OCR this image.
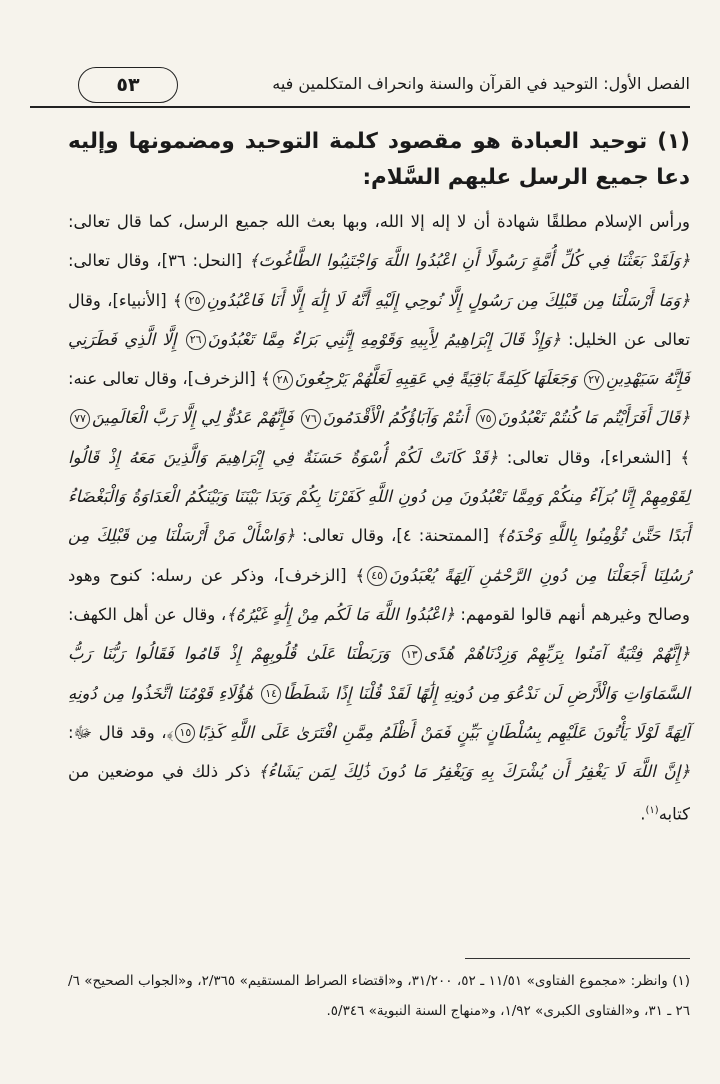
الفصل الأول: التوحيد في القرآن والسنة وانحراف المتكلمين فيه
٥٣
(١) توحيد العبادة هو مقصود كلمة التوحيد ومضمونها وإليه دعا جميع الرسل عليهم السَّلام:

ورأس الإسلام مطلقًا شهادة أن لا إله إلا الله، وبها بعث الله جميع الرسل، كما قال تعالى: ﴿وَلَقَدْ بَعَثْنَا فِي كُلِّ أُمَّةٍ رَسُولًا أَنِ اعْبُدُوا اللَّهَ وَاجْتَنِبُوا الطَّاغُوتَ﴾ [النحل: ٣٦]، وقال تعالى: ﴿وَمَا أَرْسَلْنَا مِن قَبْلِكَ مِن رَسُولٍ إِلَّا نُوحِي إِلَيْهِ أَنَّهُ لَا إِلَٰهَ إِلَّا أَنَا فَاعْبُدُونِ٢٥﴾ [الأنبياء]، وقال تعالى عن الخليل: ﴿وَإِذْ قَالَ إِبْرَاهِيمُ لِأَبِيهِ وَقَوْمِهِ إِنَّنِي بَرَاءٌ مِمَّا تَعْبُدُونَ٢٦ إِلَّا الَّذِي فَطَرَنِي فَإِنَّهُ سَيَهْدِينِ٢٧ وَجَعَلَهَا كَلِمَةً بَاقِيَةً فِي عَقِبِهِ لَعَلَّهُمْ يَرْجِعُونَ٢٨﴾ [الزخرف]، وقال تعالى عنه: ﴿قَالَ أَفَرَأَيْتُم مَا كُنتُمْ تَعْبُدُونَ٧٥ أَنتُمْ وَآبَاؤُكُمُ الْأَقْدَمُونَ٧٦ فَإِنَّهُمْ عَدُوٌّ لِي إِلَّا رَبَّ الْعَالَمِينَ٧٧﴾ [الشعراء]، وقال تعالى: ﴿قَدْ كَانَتْ لَكُمْ أُسْوَةٌ حَسَنَةٌ فِي إِبْرَاهِيمَ وَالَّذِينَ مَعَهُ إِذْ قَالُوا لِقَوْمِهِمْ إِنَّا بُرَآءُ مِنكُمْ وَمِمَّا تَعْبُدُونَ مِن دُونِ اللَّهِ كَفَرْنَا بِكُمْ وَبَدَا بَيْنَنَا وَبَيْنَكُمُ الْعَدَاوَةُ وَالْبَغْضَاءُ أَبَدًا حَتَّىٰ تُؤْمِنُوا بِاللَّهِ وَحْدَهُ﴾ [الممتحنة: ٤]، وقال تعالى: ﴿وَاسْأَلْ مَنْ أَرْسَلْنَا مِن قَبْلِكَ مِن رُسُلِنَا أَجَعَلْنَا مِن دُونِ الرَّحْمَٰنِ آلِهَةً يُعْبَدُونَ٤٥﴾ [الزخرف]، وذكر عن رسله: كنوح وهود وصالح وغيرهم أنهم قالوا لقومهم: ﴿اعْبُدُوا اللَّهَ مَا لَكُم مِنْ إِلَٰهٍ غَيْرُهُ﴾، وقال عن أهل الكهف: ﴿إِنَّهُمْ فِتْيَةٌ آمَنُوا بِرَبِّهِمْ وَزِدْنَاهُمْ هُدًى١٣ وَرَبَطْنَا عَلَىٰ قُلُوبِهِمْ إِذْ قَامُوا فَقَالُوا رَبُّنَا رَبُّ السَّمَاوَاتِ وَالْأَرْضِ لَن نَدْعُوَ مِن دُونِهِ إِلَٰهًا لَقَدْ قُلْنَا إِذًا شَطَطًا١٤ هَٰؤُلَاءِ قَوْمُنَا اتَّخَذُوا مِن دُونِهِ آلِهَةً لَوْلَا يَأْتُونَ عَلَيْهِم بِسُلْطَانٍ بَيِّنٍ فَمَنْ أَظْلَمُ مِمَّنِ افْتَرَىٰ عَلَى اللَّهِ كَذِبًا١٥﴾، وقد قال ﷻ: ﴿إِنَّ اللَّهَ لَا يَغْفِرُ أَن يُشْرَكَ بِهِ وَيَغْفِرُ مَا دُونَ ذَٰلِكَ لِمَن يَشَاءُ﴾ ذكر ذلك في موضعين من كتابه$^{(١)}$.

(١) وانظر: «مجموع الفتاوى» ١١/٥١ ـ ٥٢، ٣١/٢٠٠، و«اقتضاء الصراط المستقيم» ٢/٣٦٥، و«الجواب الصحيح» ٦/ ٢٦ ـ ٣١، و«الفتاوى الكبرى» ١/٩٢، و«منهاج السنة النبوية» ٥/٣٤٦.
